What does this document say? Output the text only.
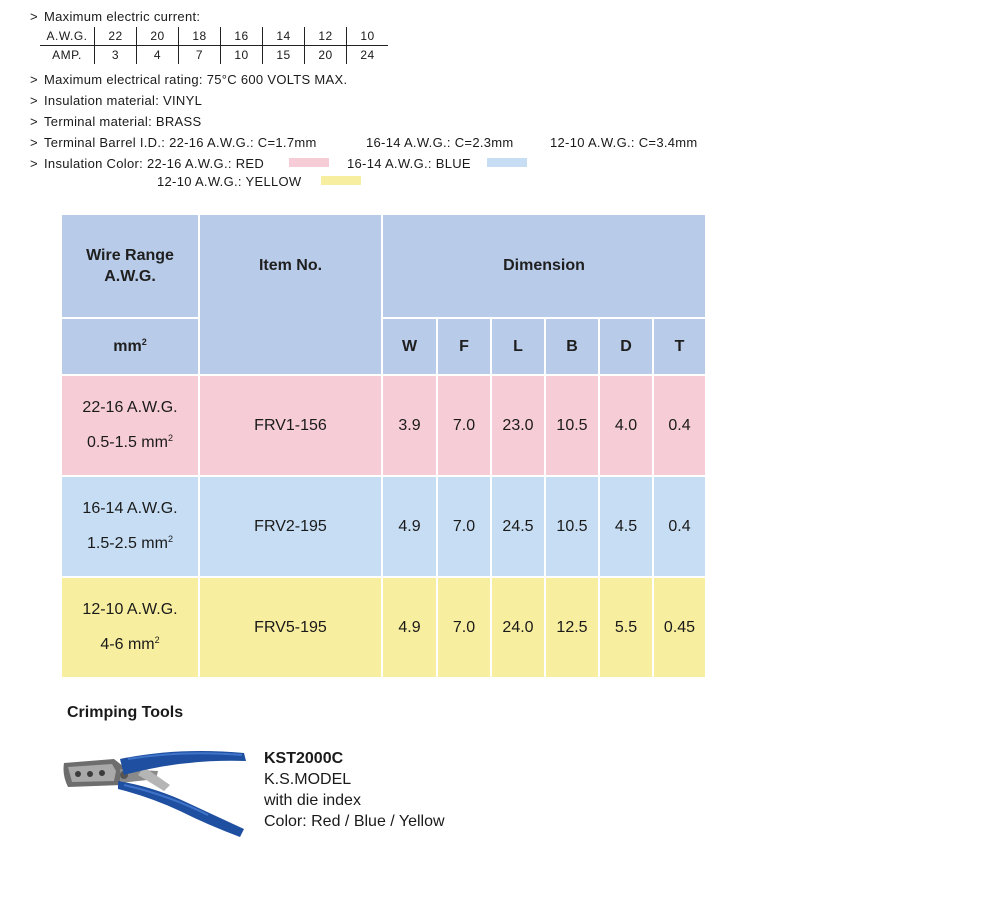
> Maximum electric current:
> Maximum electrical rating: 75°C 600 VOLTS MAX.
> Insulation material: VINYL
> Terminal material: BRASS
> Terminal Barrel I.D.: 22-16 A.W.G.: C=1.7mm	16-14 A.W.G.: C=2.3mm	12-10 A.W.G.: C=3.4mm
> Insulation Color: 22-16 A.W.G.: RED	16-14 A.W.G.: BLUE
12-10 A.W.G.: YELLOW
A.W.G.	22	20	18	16	14	12	10
AMP.	3	4	7	10	15	20	24
Wire Range
A.W.G.	Item No.	Dimension					
$mm^2$		W	F	L	B	D	T
22-16 A.W.G.
0.5-1.5 $mm^2$	FRV1-156	3.9	7.0	23.0	10.5	4.0	0.4
16-14 A.W.G.
1.5-2.5 $mm^2$	FRV2-195	4.9	7.0	24.5	10.5	4.5	0.4
12-10 A.W.G.
4-6 $mm^2$	FRV5-195	4.9	7.0	24.0	12.5	5.5	0.45
Crimping Tools
KST2000C
K.S.MODEL
with die index
Color: Red / Blue / Yellow
